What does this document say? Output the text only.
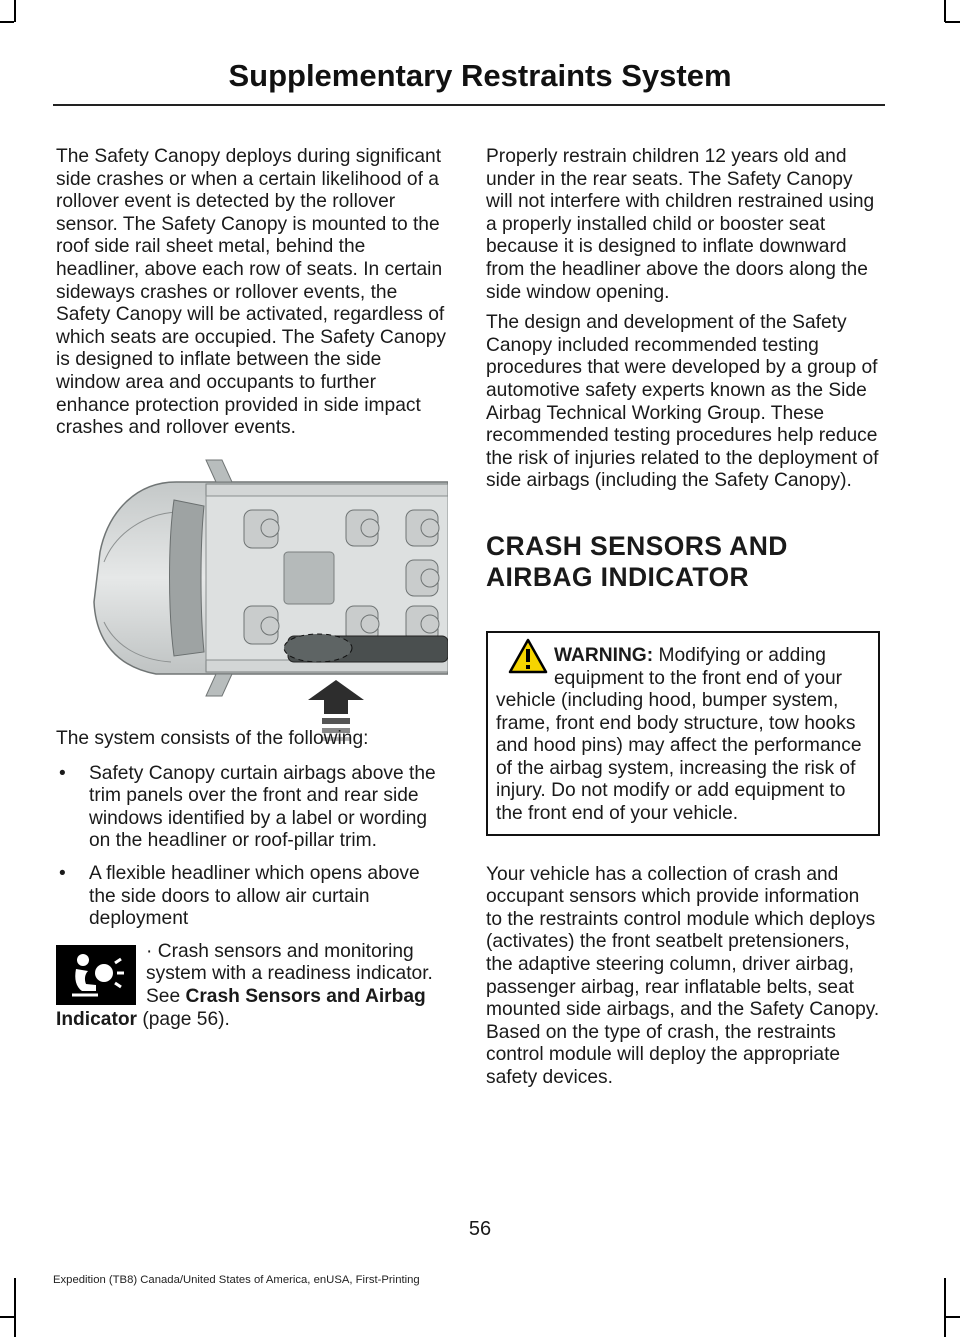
Supplementary Restraints System

The Safety Canopy deploys during significant side crashes or when a certain likelihood of a rollover event is detected by the rollover sensor. The Safety Canopy is mounted to the roof side rail sheet metal, behind the headliner, above each row of seats. In certain sideways crashes or rollover events, the Safety Canopy will be activated, regardless of which seats are occupied. The Safety Canopy is designed to inflate between the side window area and occupants to further enhance protection provided in side impact crashes and rollover events.

The system consists of the following:

• Safety Canopy curtain airbags above the trim panels over the front and rear side windows identified by a label or wording on the headliner or roof-pillar trim.
• A flexible headliner which opens above the side doors to allow air curtain deployment
· Crash sensors and monitoring system with a readiness indicator. See Crash Sensors and Airbag Indicator (page 56).

Properly restrain children 12 years old and under in the rear seats. The Safety Canopy will not interfere with children restrained using a properly installed child or booster seat because it is designed to inflate downward from the headliner above the doors along the side window opening.

The design and development of the Safety Canopy included recommended testing procedures that were developed by a group of automotive safety experts known as the Side Airbag Technical Working Group. These recommended testing procedures help reduce the risk of injuries related to the deployment of side airbags (including the Safety Canopy).

CRASH SENSORS AND
AIRBAG INDICATOR
WARNING: Modifying or adding equipment to the front end of your vehicle (including hood, bumper system, frame, front end body structure, tow hooks and hood pins) may affect the performance of the airbag system, increasing the risk of injury. Do not modify or add equipment to the front end of your vehicle.

Your vehicle has a collection of crash and occupant sensors which provide information to the restraints control module which deploys (activates) the front seatbelt pretensioners, the adaptive steering column, driver airbag, passenger airbag, rear inflatable belts, seat mounted side airbags, and the Safety Canopy. Based on the type of crash, the restraints control module will deploy the appropriate safety devices.

56
Expedition (TB8) Canada/United States of America, enUSA, First-Printing
